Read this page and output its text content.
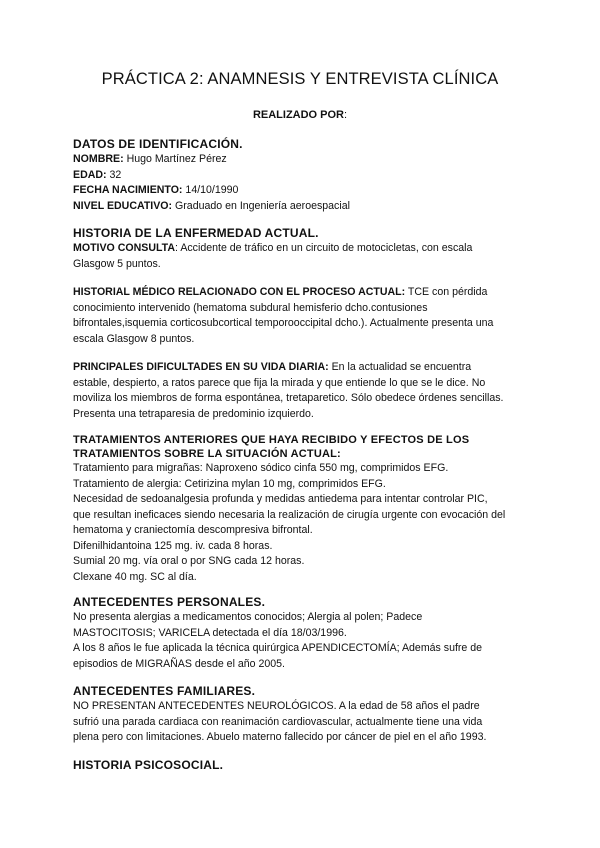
PRÁCTICA 2: ANAMNESIS Y ENTREVISTA CLÍNICA
REALIZADO POR:
DATOS DE IDENTIFICACIÓN.
NOMBRE: Hugo Martínez Pérez
EDAD: 32
FECHA NACIMIENTO: 14/10/1990
NIVEL EDUCATIVO: Graduado en Ingeniería aeroespacial
HISTORIA DE LA ENFERMEDAD ACTUAL.
MOTIVO CONSULTA: Accidente de tráfico en un circuito de motocicletas, con escala
Glasgow 5 puntos.
HISTORIAL MÉDICO RELACIONADO CON EL PROCESO ACTUAL: TCE con pérdida
conocimiento intervenido (hematoma subdural hemisferio dcho.contusiones
bifrontales,isquemia corticosubcortical temporooccipital dcho.). Actualmente presenta una
escala Glasgow 8 puntos.
PRINCIPALES DIFICULTADES EN SU VIDA DIARIA: En la actualidad se encuentra
estable, despierto, a ratos parece que fija la mirada y que entiende lo que se le dice. No
moviliza los miembros de forma espontánea, tretaparetico. Sólo obedece órdenes sencillas.
Presenta una tetraparesia de predominio izquierdo.
TRATAMIENTOS ANTERIORES QUE HAYA RECIBIDO Y EFECTOS DE LOS
TRATAMIENTOS SOBRE LA SITUACIÓN ACTUAL:
Tratamiento para migrañas: Naproxeno sódico cinfa 550 mg, comprimidos EFG.
Tratamiento de alergia: Cetirizina mylan 10 mg, comprimidos EFG.
Necesidad de sedoanalgesia profunda y medidas antiedema para intentar controlar PIC,
que resultan ineficaces siendo necesaria la realización de cirugía urgente con evocación del
hematoma y craniectomía descompresiva bifrontal.
Difenilhidantoina 125 mg. iv. cada 8 horas.
Sumial 20 mg. vía oral o por SNG cada 12 horas.
Clexane 40 mg. SC al día.
ANTECEDENTES PERSONALES.
No presenta alergias a medicamentos conocidos; Alergia al polen; Padece
MASTOCITOSIS; VARICELA detectada el día 18/03/1996.
A los 8 años le fue aplicada la técnica quirúrgica APENDICECTOMÍA; Además sufre de
episodios de MIGRAÑAS desde el año 2005.
ANTECEDENTES FAMILIARES.
NO PRESENTAN ANTECEDENTES NEUROLÓGICOS. A la edad de 58 años el padre
sufrió una parada cardiaca con reanimación cardiovascular, actualmente tiene una vida
plena pero con limitaciones. Abuelo materno fallecido por cáncer de piel en el año 1993.
HISTORIA PSICOSOCIAL.
